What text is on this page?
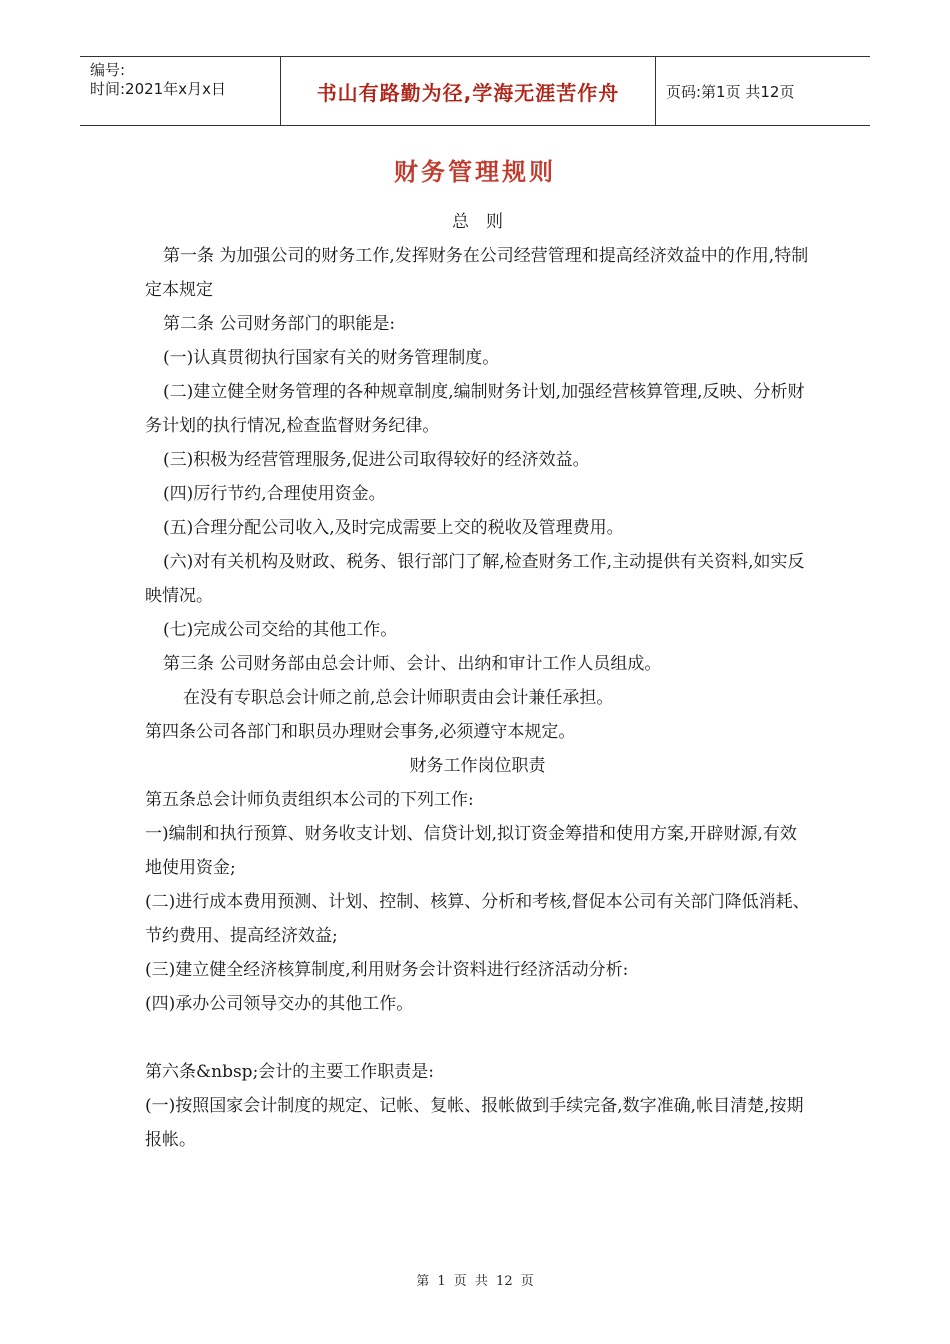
编号:
时间:2021年x月x日	书山有路勤为径,学海无涯苦作舟	页码:第1页 共12页
财务管理规则

总　则

第一条 为加强公司的财务工作,发挥财务在公司经营管理和提高经济效益中的作用,特制定本规定

第二条 公司财务部门的职能是:

(一)认真贯彻执行国家有关的财务管理制度。

(二)建立健全财务管理的各种规章制度,编制财务计划,加强经营核算管理,反映、分析财务计划的执行情况,检查监督财务纪律。

(三)积极为经营管理服务,促进公司取得较好的经济效益。

(四)厉行节约,合理使用资金。

(五)合理分配公司收入,及时完成需要上交的税收及管理费用。

(六)对有关机构及财政、税务、银行部门了解,检查财务工作,主动提供有关资料,如实反映情况。

(七)完成公司交给的其他工作。

第三条 公司财务部由总会计师、会计、出纳和审计工作人员组成。

在没有专职总会计师之前,总会计师职责由会计兼任承担。

第四条公司各部门和职员办理财会事务,必须遵守本规定。

财务工作岗位职责

第五条总会计师负责组织本公司的下列工作:

一)编制和执行预算、财务收支计划、信贷计划,拟订资金筹措和使用方案,开辟财源,有效地使用资金;

(二)进行成本费用预测、计划、控制、核算、分析和考核,督促本公司有关部门降低消耗、节约费用、提高经济效益;

(三)建立健全经济核算制度,利用财务会计资料进行经济活动分析:

(四)承办公司领导交办的其他工作。

第六条&nbsp;会计的主要工作职责是:

(一)按照国家会计制度的规定、记帐、复帐、报帐做到手续完备,数字准确,帐目清楚,按期报帐。

第 1 页 共 12 页
